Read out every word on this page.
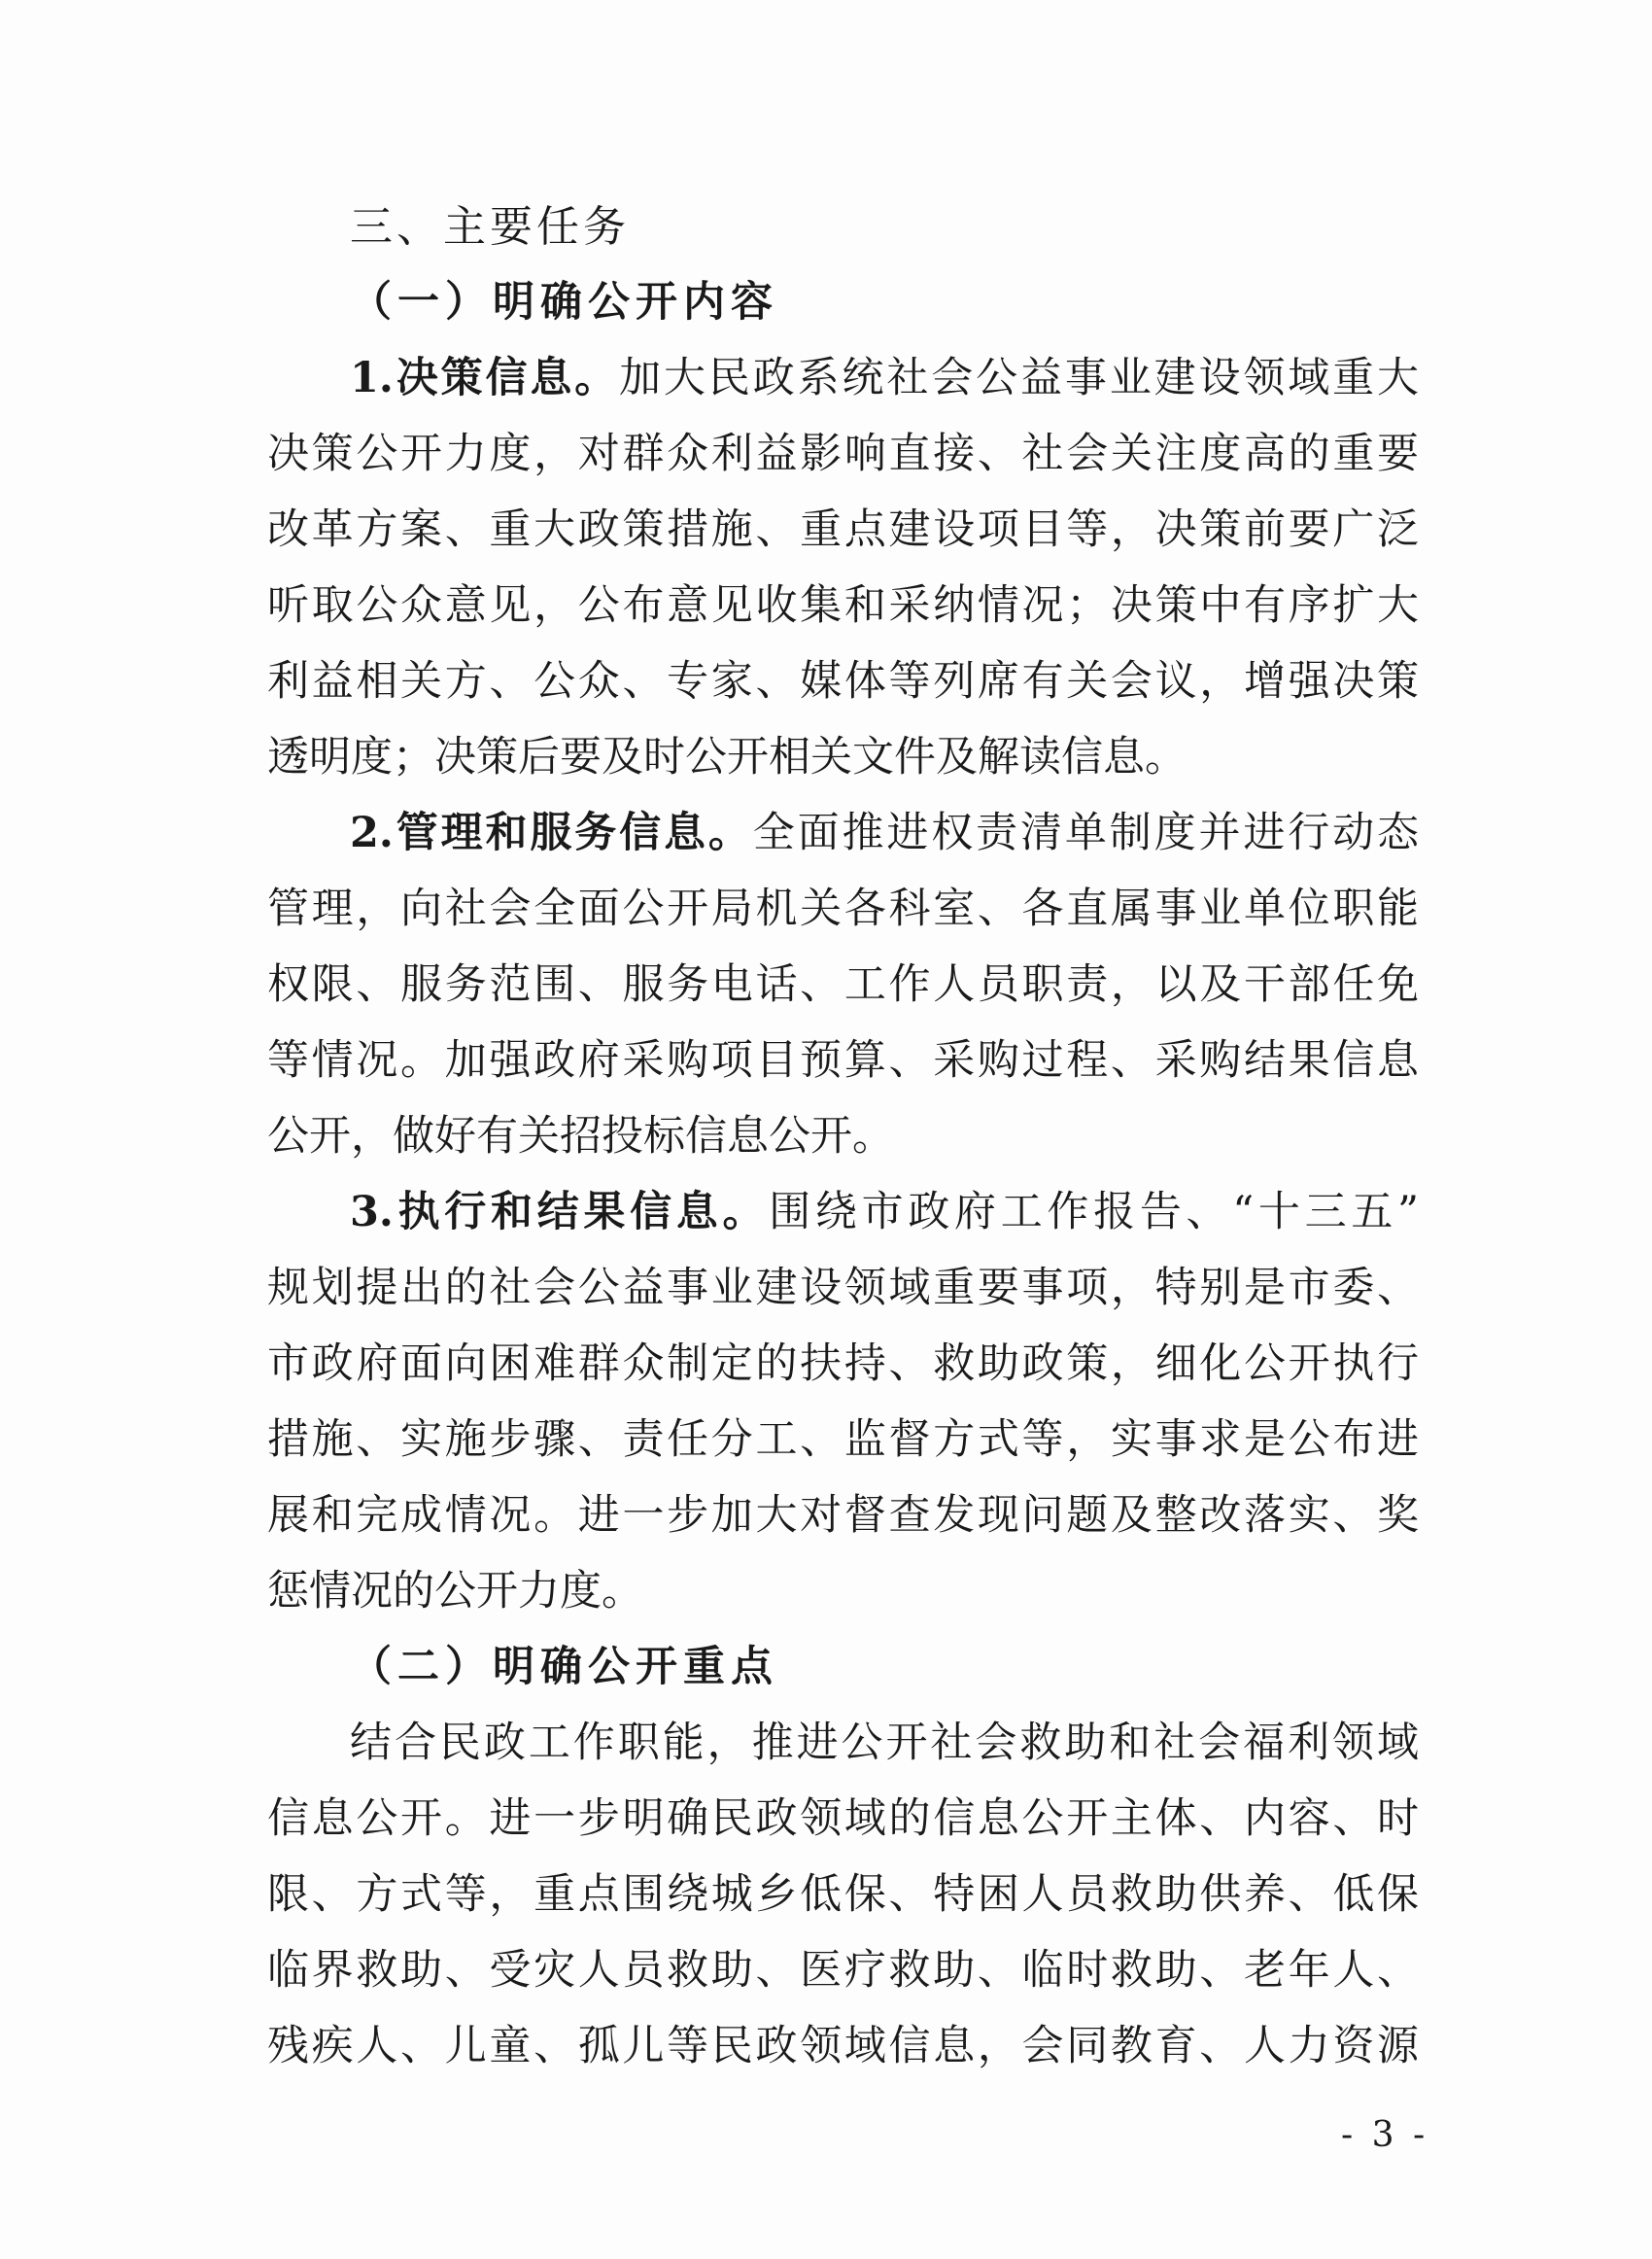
三、主要任务
（一）明确公开内容
1.决策信息。加大民政系统社会公益事业建设领域重大
决策公开力度，对群众利益影响直接、社会关注度高的重要
改革方案、重大政策措施、重点建设项目等，决策前要广泛
听取公众意见，公布意见收集和采纳情况；决策中有序扩大
利益相关方、公众、专家、媒体等列席有关会议，增强决策
透明度；决策后要及时公开相关文件及解读信息。
2.管理和服务信息。全面推进权责清单制度并进行动态
管理，向社会全面公开局机关各科室、各直属事业单位职能
权限、服务范围、服务电话、工作人员职责，以及干部任免
等情况。加强政府采购项目预算、采购过程、采购结果信息
公开，做好有关招投标信息公开。
3.执行和结果信息。围绕市政府工作报告、“十三五”
规划提出的社会公益事业建设领域重要事项，特别是市委、
市政府面向困难群众制定的扶持、救助政策，细化公开执行
措施、实施步骤、责任分工、监督方式等，实事求是公布进
展和完成情况。进一步加大对督查发现问题及整改落实、奖
惩情况的公开力度。
（二）明确公开重点
结合民政工作职能，推进公开社会救助和社会福利领域
信息公开。进一步明确民政领域的信息公开主体、内容、时
限、方式等，重点围绕城乡低保、特困人员救助供养、低保
临界救助、受灾人员救助、医疗救助、临时救助、老年人、
残疾人、儿童、孤儿等民政领域信息，会同教育、人力资源
- 3 -
